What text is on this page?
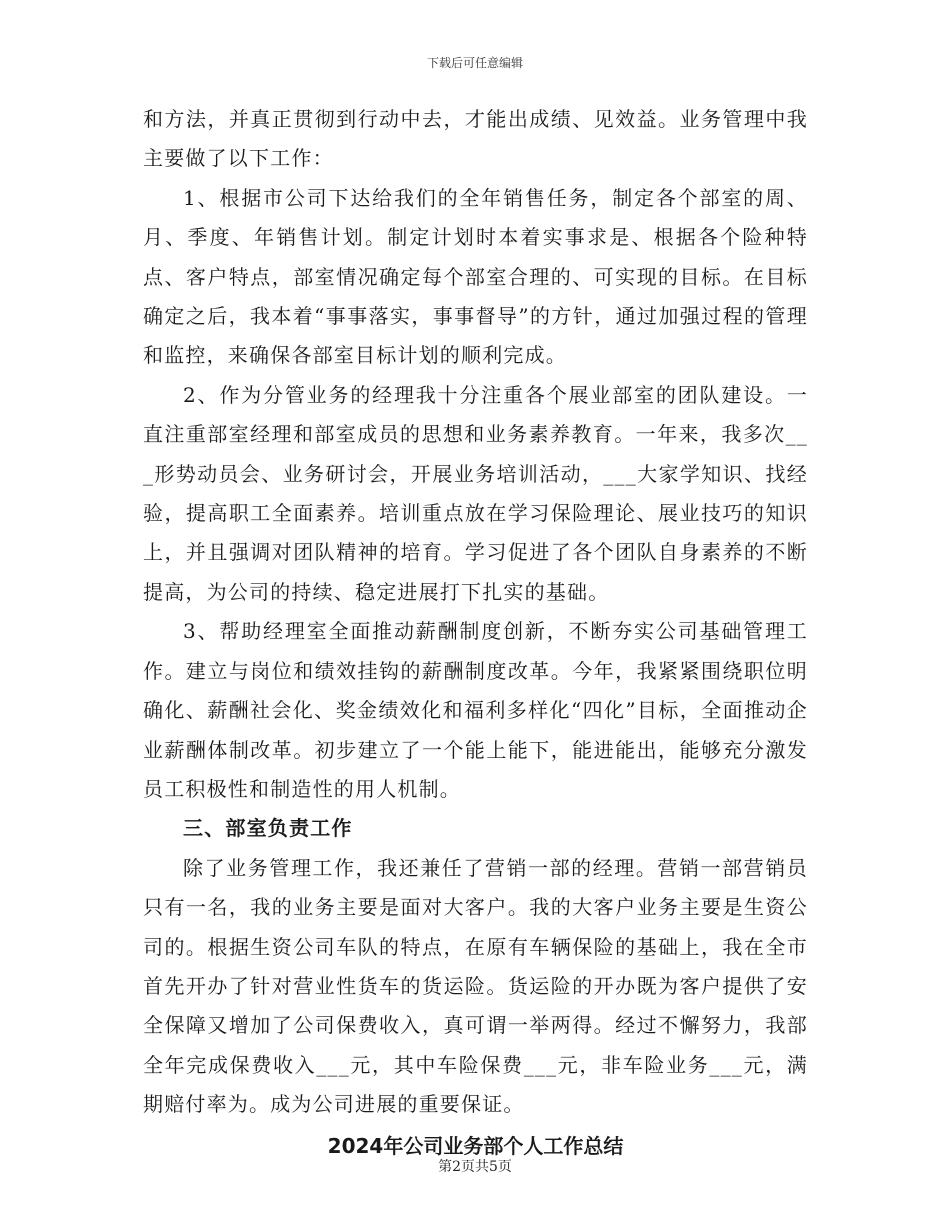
下载后可任意编辑

和方法，并真正贯彻到行动中去，才能出成绩、见效益。业务管理中我主要做了以下工作：

1、根据市公司下达给我们的全年销售任务，制定各个部室的周、月、季度、年销售计划。制定计划时本着实事求是、根据各个险种特点、客户特点，部室情况确定每个部室合理的、可实现的目标。在目标确定之后，我本着“事事落实，事事督导”的方针，通过加强过程的管理和监控，来确保各部室目标计划的顺利完成。

2、作为分管业务的经理我十分注重各个展业部室的团队建设。一直注重部室经理和部室成员的思想和业务素养教育。一年来，我多次___形势动员会、业务研讨会，开展业务培训活动，___大家学知识、找经验，提高职工全面素养。培训重点放在学习保险理论、展业技巧的知识上，并且强调对团队精神的培育。学习促进了各个团队自身素养的不断提高，为公司的持续、稳定进展打下扎实的基础。

3、帮助经理室全面推动薪酬制度创新，不断夯实公司基础管理工作。建立与岗位和绩效挂钩的薪酬制度改革。今年，我紧紧围绕职位明确化、薪酬社会化、奖金绩效化和福利多样化“四化”目标，全面推动企业薪酬体制改革。初步建立了一个能上能下，能进能出，能够充分激发员工积极性和制造性的用人机制。

三、部室负责工作

除了业务管理工作，我还兼任了营销一部的经理。营销一部营销员只有一名，我的业务主要是面对大客户。我的大客户业务主要是生资公司的。根据生资公司车队的特点，在原有车辆保险的基础上，我在全市首先开办了针对营业性货车的货运险。货运险的开办既为客户提供了安全保障又增加了公司保费收入，真可谓一举两得。经过不懈努力，我部全年完成保费收入___元，其中车险保费___元，非车险业务___元，满期赔付率为。成为公司进展的重要保证。

2024年公司业务部个人工作总结
第2页共5页
